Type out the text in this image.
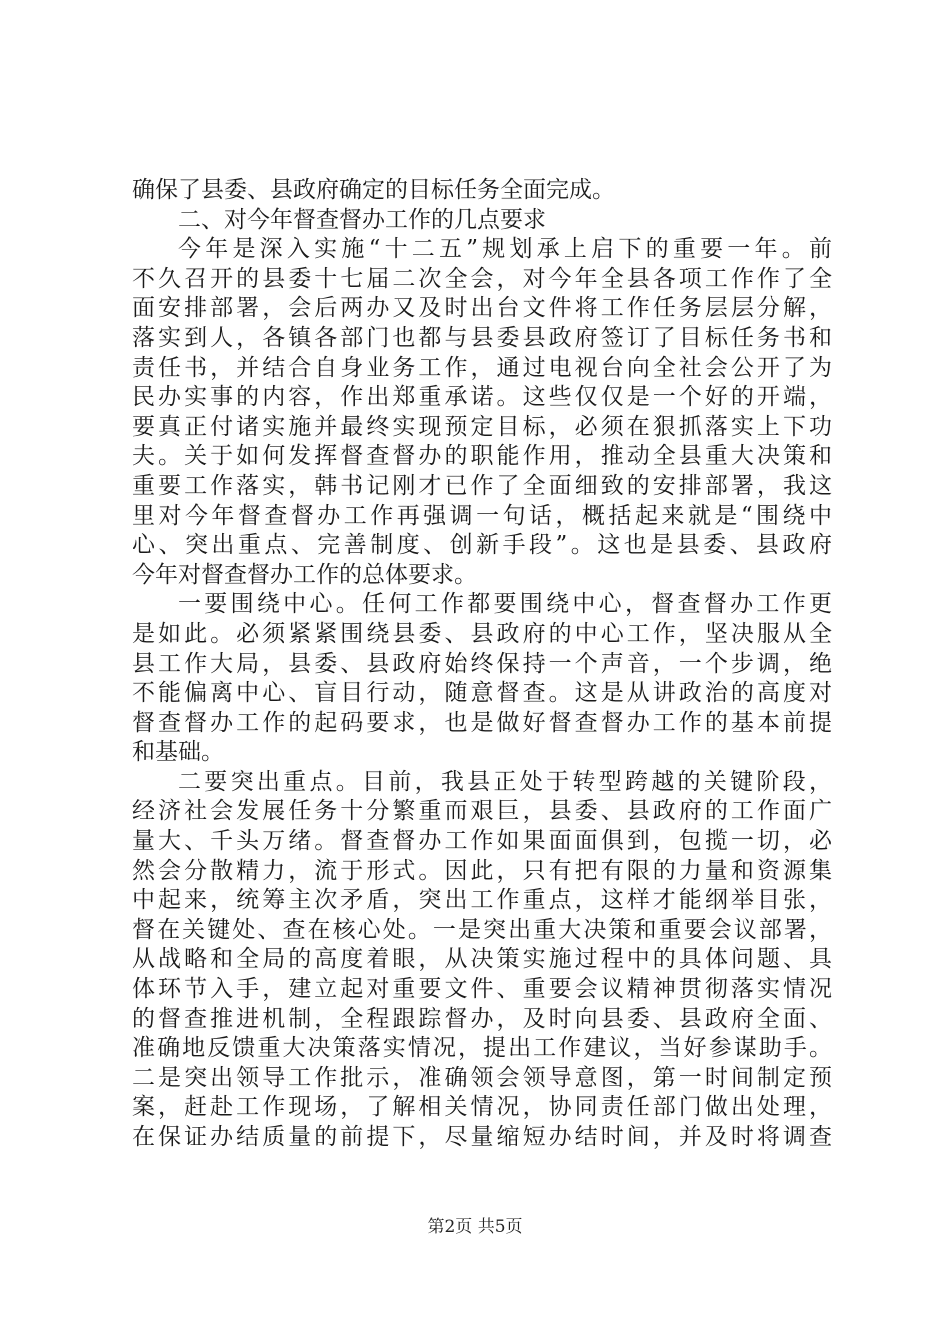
确保了县委、县政府确定的目标任务全面完成。
二、对今年督查督办工作的几点要求
今年是深入实施“十二五”规划承上启下的重要一年。前
不久召开的县委十七届二次全会，对今年全县各项工作作了全
面安排部署，会后两办又及时出台文件将工作任务层层分解，
落实到人，各镇各部门也都与县委县政府签订了目标任务书和
责任书，并结合自身业务工作，通过电视台向全社会公开了为
民办实事的内容，作出郑重承诺。这些仅仅是一个好的开端，
要真正付诸实施并最终实现预定目标，必须在狠抓落实上下功
夫。关于如何发挥督查督办的职能作用，推动全县重大决策和
重要工作落实，韩书记刚才已作了全面细致的安排部署，我这
里对今年督查督办工作再强调一句话，概括起来就是“围绕中
心、突出重点、完善制度、创新手段”。这也是县委、县政府
今年对督查督办工作的总体要求。
一要围绕中心。任何工作都要围绕中心，督查督办工作更
是如此。必须紧紧围绕县委、县政府的中心工作，坚决服从全
县工作大局，县委、县政府始终保持一个声音，一个步调，绝
不能偏离中心、盲目行动，随意督查。这是从讲政治的高度对
督查督办工作的起码要求，也是做好督查督办工作的基本前提
和基础。
二要突出重点。目前，我县正处于转型跨越的关键阶段，
经济社会发展任务十分繁重而艰巨，县委、县政府的工作面广
量大、千头万绪。督查督办工作如果面面俱到，包揽一切，必
然会分散精力，流于形式。因此，只有把有限的力量和资源集
中起来，统筹主次矛盾，突出工作重点，这样才能纲举目张，
督在关键处、查在核心处。一是突出重大决策和重要会议部署，
从战略和全局的高度着眼，从决策实施过程中的具体问题、具
体环节入手，建立起对重要文件、重要会议精神贯彻落实情况
的督查推进机制，全程跟踪督办，及时向县委、县政府全面、
准确地反馈重大决策落实情况，提出工作建议，当好参谋助手。
二是突出领导工作批示，准确领会领导意图，第一时间制定预
案，赶赴工作现场，了解相关情况，协同责任部门做出处理，
在保证办结质量的前提下，尽量缩短办结时间，并及时将调查
第2页 共5页
